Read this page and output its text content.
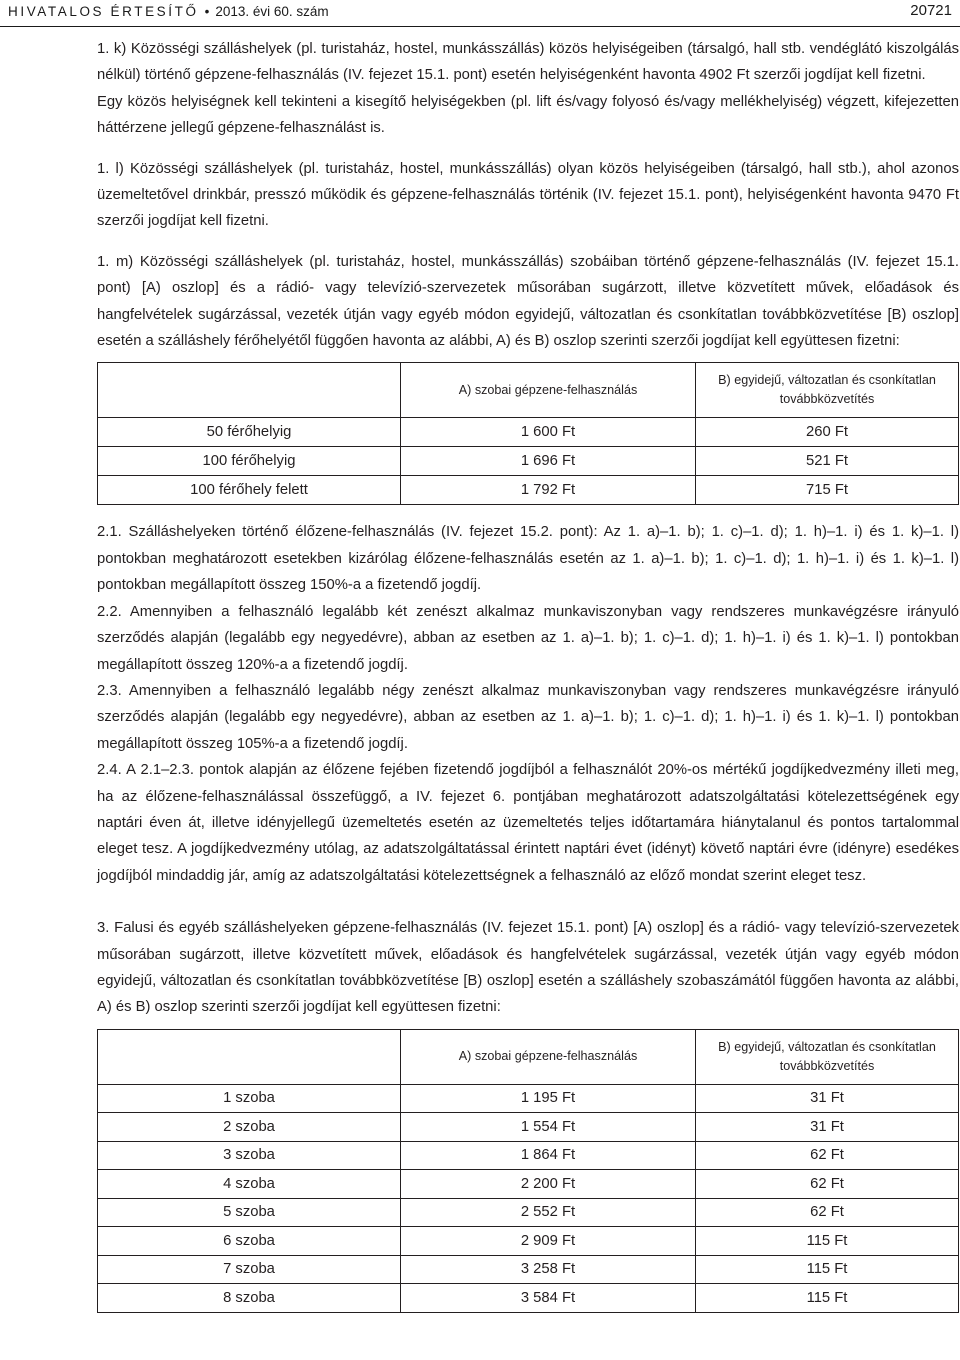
HIVATALOS ÉRTESÍTŐ • 2013. évi 60. szám	20721

1. k) Közösségi szálláshelyek (pl. turistaház, hostel, munkásszállás) közös helyiségeiben (társalgó, hall stb. vendéglátó kiszolgálás nélkül) történő gépzene-felhasználás (IV. fejezet 15.1. pont) esetén helyiségenként havonta 4902 Ft szerzői jogdíjat kell fizetni.

Egy közös helyiségnek kell tekinteni a kisegítő helyiségekben (pl. lift és/vagy folyosó és/vagy mellékhelyiség) végzett, kifejezetten háttérzene jellegű gépzene-felhasználást is.

1. l) Közösségi szálláshelyek (pl. turistaház, hostel, munkásszállás) olyan közös helyiségeiben (társalgó, hall stb.), ahol azonos üzemeltetővel drinkbár, presszó működik és gépzene-felhasználás történik (IV. fejezet 15.1. pont), helyiségenként havonta 9470 Ft szerzői jogdíjat kell fizetni.

1. m) Közösségi szálláshelyek (pl. turistaház, hostel, munkásszállás) szobáiban történő gépzene-felhasználás (IV. fejezet 15.1. pont) [A) oszlop] és a rádió- vagy televízió-szervezetek műsorában sugárzott, illetve közvetített művek, előadások és hangfelvételek sugárzással, vezeték útján vagy egyéb módon egyidejű, változatlan és csonkítatlan továbbközvetítése [B) oszlop] esetén a szálláshely férőhelyétől függően havonta az alábbi, A) és B) oszlop szerinti szerzői jogdíjat kell együttesen fizetni:

	A) szobai gépzene-felhasználás	B) egyidejű, változatlan és csonkítatlan továbbközvetítés
50 férőhelyig	1 600 Ft	260 Ft
100 férőhelyig	1 696 Ft	521 Ft
100 férőhely felett	1 792 Ft	715 Ft

2.1. Szálláshelyeken történő élőzene-felhasználás (IV. fejezet 15.2. pont): Az 1. a)–1. b); 1. c)–1. d); 1. h)–1. i) és 1. k)–1. l) pontokban meghatározott esetekben kizárólag élőzene-felhasználás esetén az 1. a)–1. b); 1. c)–1. d); 1. h)–1. i) és 1. k)–1. l) pontokban megállapított összeg 150%-a a fizetendő jogdíj.

2.2. Amennyiben a felhasználó legalább két zenészt alkalmaz munkaviszonyban vagy rendszeres munkavégzésre irányuló szerződés alapján (legalább egy negyedévre), abban az esetben az 1. a)–1. b); 1. c)–1. d); 1. h)–1. i) és 1. k)–1. l) pontokban megállapított összeg 120%-a a fizetendő jogdíj.

2.3. Amennyiben a felhasználó legalább négy zenészt alkalmaz munkaviszonyban vagy rendszeres munkavégzésre irányuló szerződés alapján (legalább egy negyedévre), abban az esetben az 1. a)–1. b); 1. c)–1. d); 1. h)–1. i) és 1. k)–1. l) pontokban megállapított összeg 105%-a a fizetendő jogdíj.

2.4. A 2.1–2.3. pontok alapján az élőzene fejében fizetendő jogdíjból a felhasználót 20%-os mértékű jogdíjkedvezmény illeti meg, ha az élőzene-felhasználással összefüggő, a IV. fejezet 6. pontjában meghatározott adatszolgáltatási kötelezettségének egy naptári éven át, illetve idényjellegű üzemeltetés esetén az üzemeltetés teljes időtartamára hiánytalanul és pontos tartalommal eleget tesz. A jogdíjkedvezmény utólag, az adatszolgáltatással érintett naptári évet (idényt) követő naptári évre (idényre) esedékes jogdíjból mindaddig jár, amíg az adatszolgáltatási kötelezettségnek a felhasználó az előző mondat szerint eleget tesz.

3. Falusi és egyéb szálláshelyeken gépzene-felhasználás (IV. fejezet 15.1. pont) [A) oszlop] és a rádió- vagy televízió-szervezetek műsorában sugárzott, illetve közvetített művek, előadások és hangfelvételek sugárzással, vezeték útján vagy egyéb módon egyidejű, változatlan és csonkítatlan továbbközvetítése [B) oszlop] esetén a szálláshely szobaszámától függően havonta az alábbi, A) és B) oszlop szerinti szerzői jogdíjat kell együttesen fizetni:

	A) szobai gépzene-felhasználás	B) egyidejű, változatlan és csonkítatlan továbbközvetítés
1 szoba	1 195 Ft	31 Ft
2 szoba	1 554 Ft	31 Ft
3 szoba	1 864 Ft	62 Ft
4 szoba	2 200 Ft	62 Ft
5 szoba	2 552 Ft	62 Ft
6 szoba	2 909 Ft	115 Ft
7 szoba	3 258 Ft	115 Ft
8 szoba	3 584 Ft	115 Ft
